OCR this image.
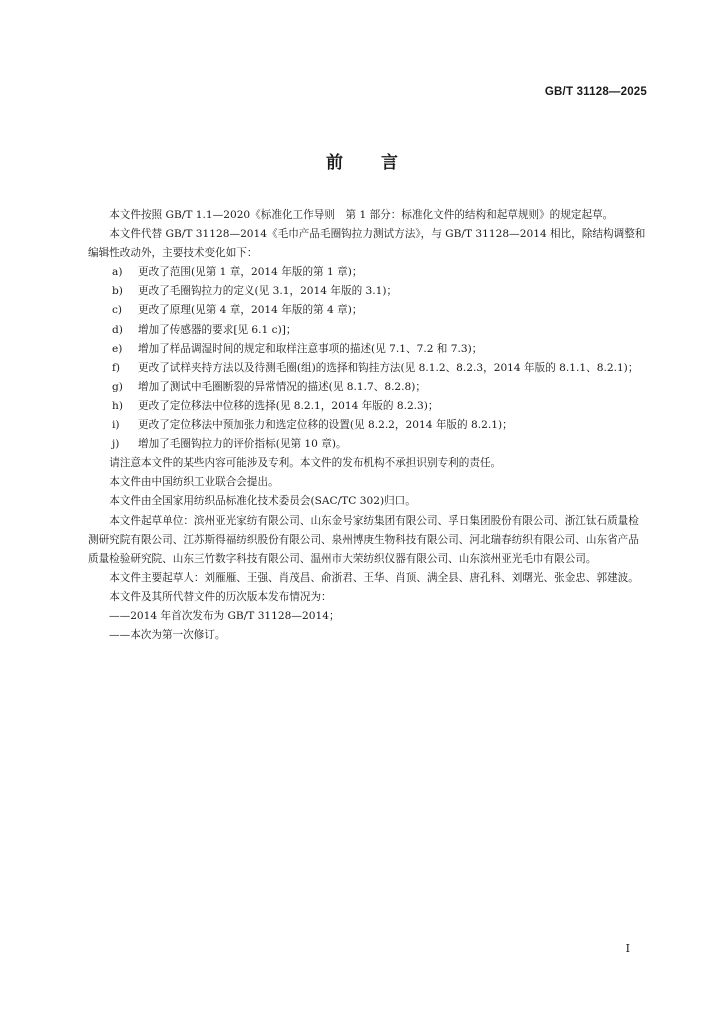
GB/T 31128—2025
前言

本文件按照 GB/T 1.1—2020《标准化工作导则　第 1 部分：标准化文件的结构和起草规则》的规定起草。

本文件代替 GB/T 31128—2014《毛巾产品毛圈钩拉力测试方法》，与 GB/T 31128—2014 相比，除结构调整和编辑性改动外，主要技术变化如下：

a) 更改了范围(见第 1 章，2014 年版的第 1 章)；

b) 更改了毛圈钩拉力的定义(见 3.1，2014 年版的 3.1)；

c) 更改了原理(见第 4 章，2014 年版的第 4 章)；

d) 增加了传感器的要求[见 6.1 c)]；

e) 增加了样品调湿时间的规定和取样注意事项的描述(见 7.1、7.2 和 7.3)；

f) 更改了试样夹持方法以及待测毛圈(组)的选择和钩挂方法(见 8.1.2、8.2.3，2014 年版的 8.1.1、8.2.1)；

g) 增加了测试中毛圈断裂的异常情况的描述(见 8.1.7、8.2.8)；

h) 更改了定位移法中位移的选择(见 8.2.1，2014 年版的 8.2.3)；

i) 更改了定位移法中预加张力和选定位移的设置(见 8.2.2，2014 年版的 8.2.1)；

j) 增加了毛圈钩拉力的评价指标(见第 10 章)。

请注意本文件的某些内容可能涉及专利。本文件的发布机构不承担识别专利的责任。

本文件由中国纺织工业联合会提出。

本文件由全国家用纺织品标准化技术委员会(SAC/TC 302)归口。

本文件起草单位：滨州亚光家纺有限公司、山东金号家纺集团有限公司、孚日集团股份有限公司、浙江钛石质量检测研究院有限公司、江苏斯得福纺织股份有限公司、泉州博庚生物科技有限公司、河北瑞春纺织有限公司、山东省产品质量检验研究院、山东三竹数字科技有限公司、温州市大荣纺织仪器有限公司、山东滨州亚光毛巾有限公司。

本文件主要起草人：刘雁雁、王强、肖茂昌、俞浙君、王华、肖顶、满全县、唐孔科、刘曙光、张金忠、郭建波。

本文件及其所代替文件的历次版本发布情况为：

——2014 年首次发布为 GB/T 31128—2014；

——本次为第一次修订。

I
